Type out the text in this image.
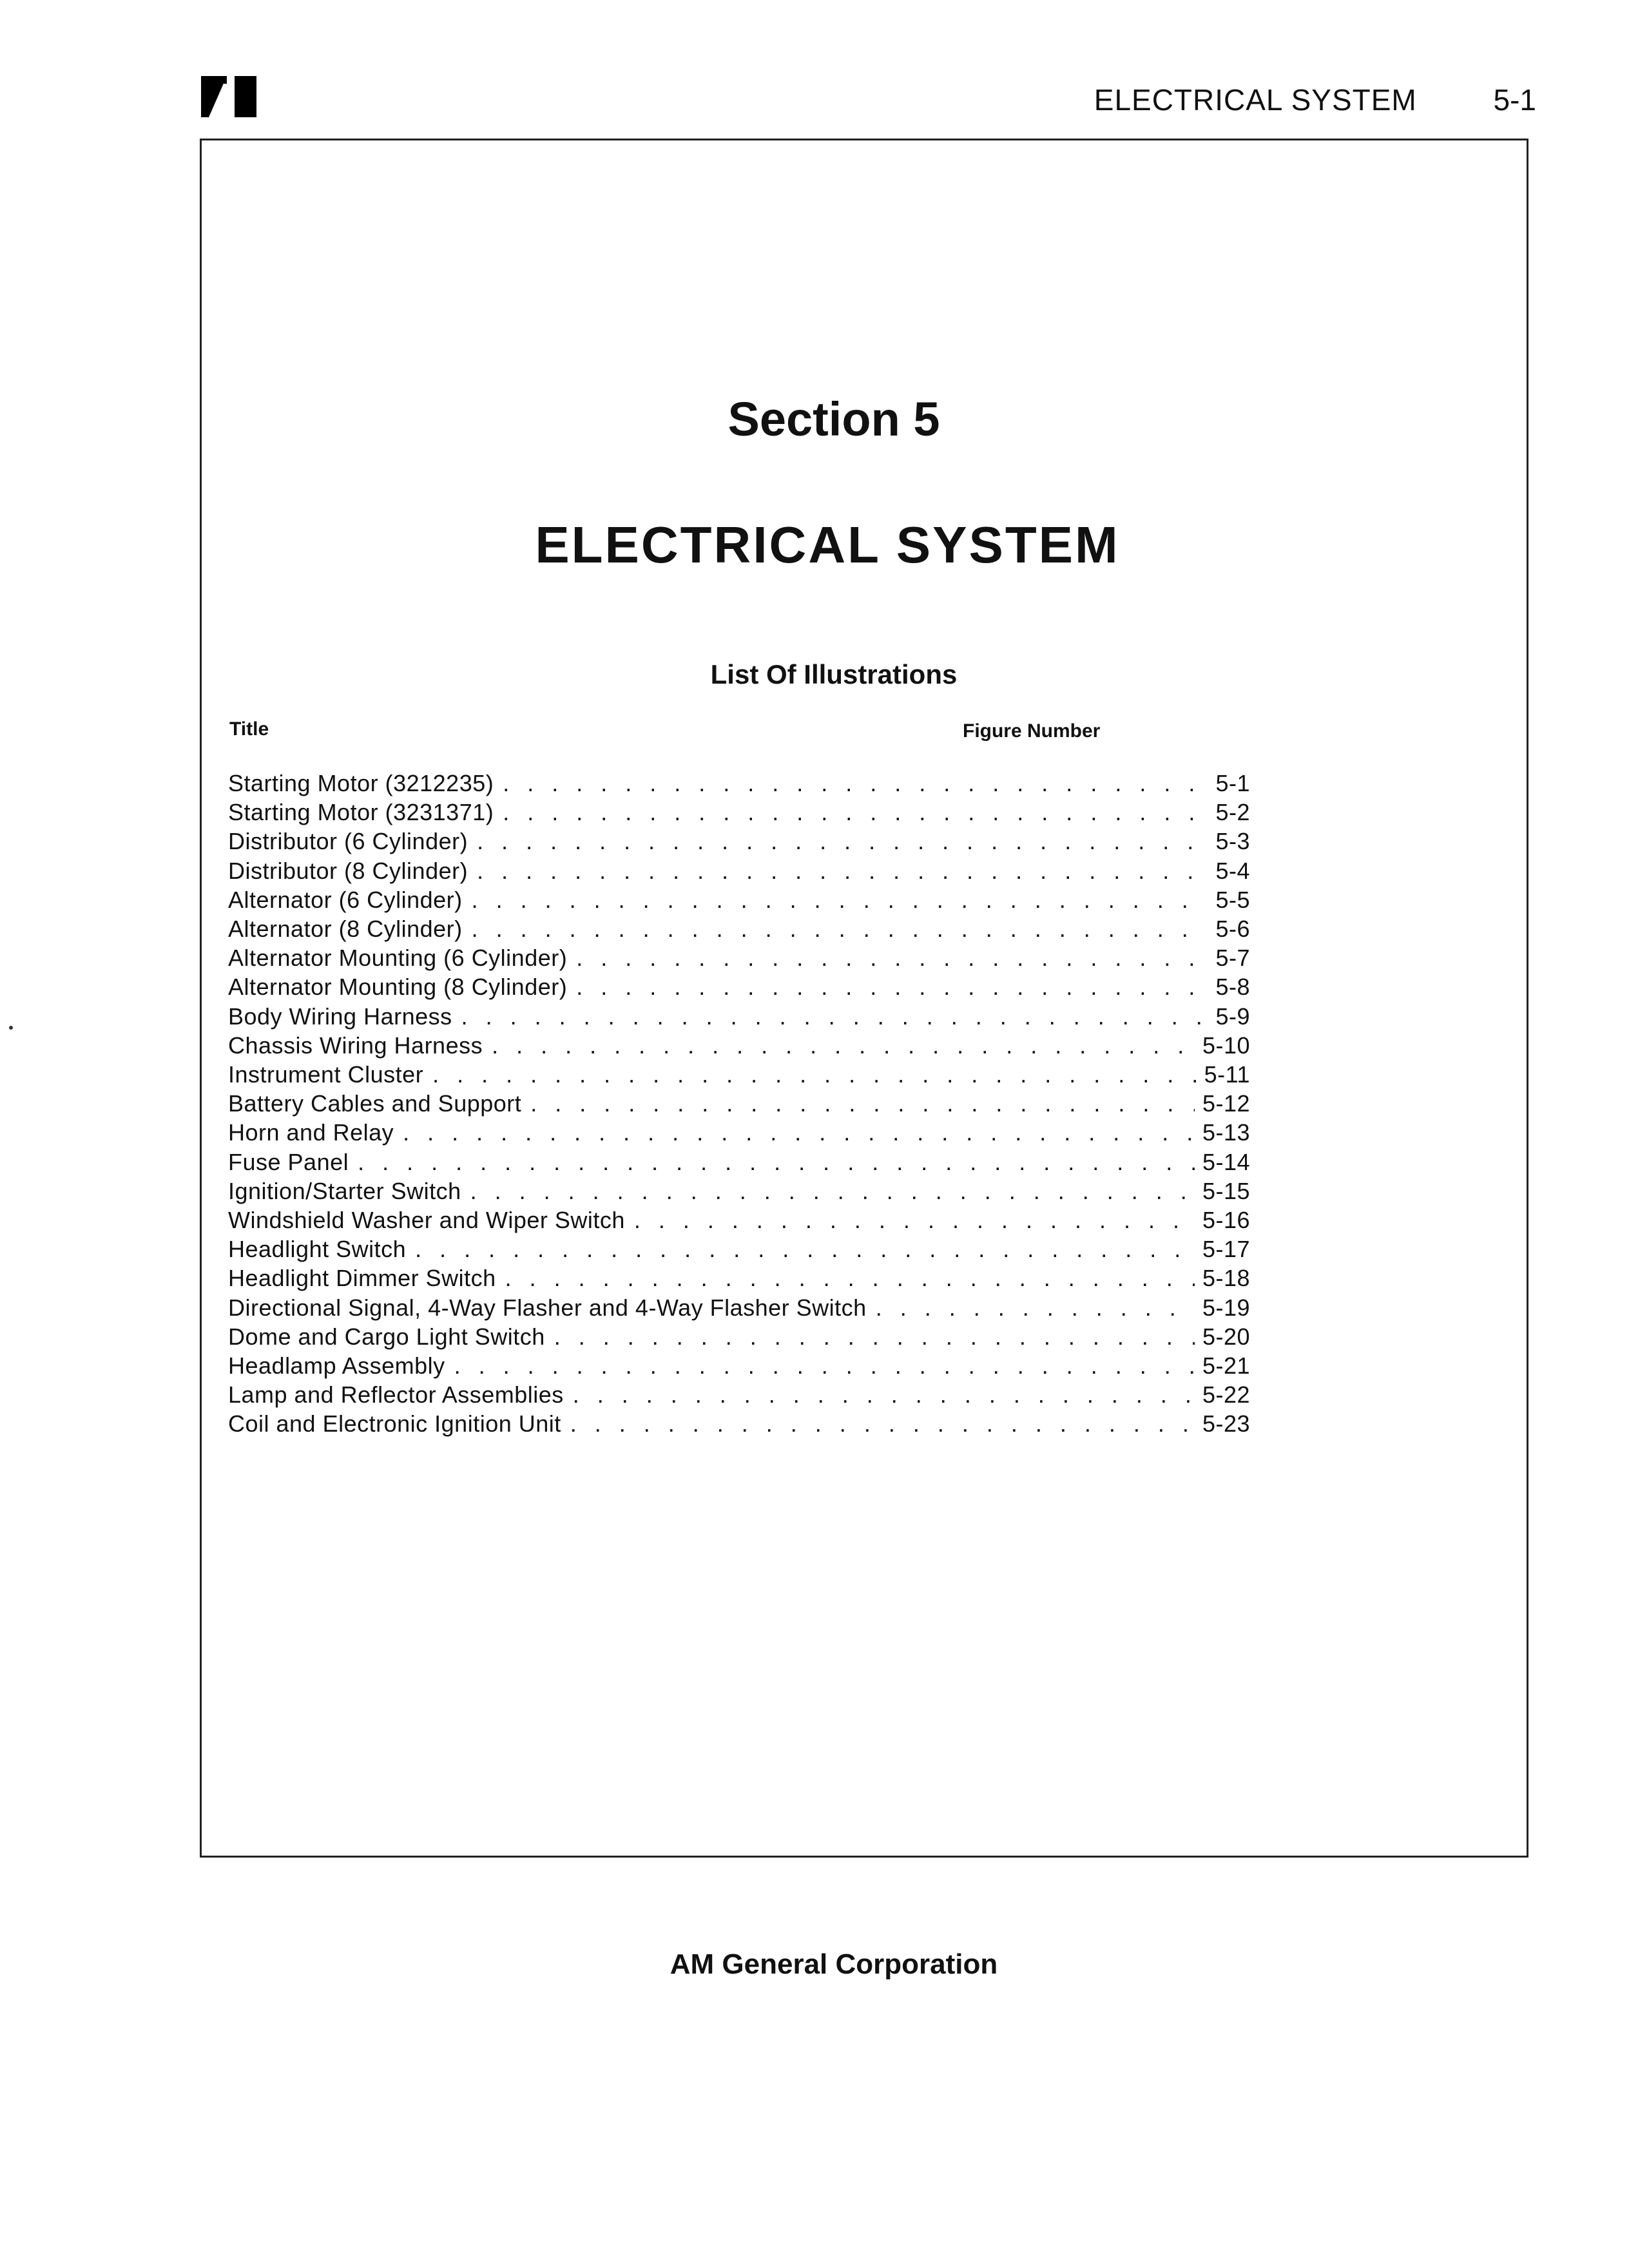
ELECTRICAL SYSTEM	5-1
Section 5
ELECTRICAL SYSTEM
List Of Illustrations
Title	Figure Number
Starting Motor (3212235) . . .	5-1
Starting Motor (3231371) . . .	5-2
Distributor (6 Cylinder) . . .	5-3
Distributor (8 Cylinder) . . .	5-4
Alternator (6 Cylinder) . . .	5-5
Alternator (8 Cylinder) . . .	5-6
Alternator Mounting (6 Cylinder) . . .	5-7
Alternator Mounting (8 Cylinder) . . .	5-8
Body Wiring Harness . . .	5-9
Chassis Wiring Harness . . .	5-10
Instrument Cluster . . .	5-11
Battery Cables and Support . . .	5-12
Horn and Relay . . .	5-13
Fuse Panel . . .	5-14
Ignition/Starter Switch . . .	5-15
Windshield Washer and Wiper Switch . . .	5-16
Headlight Switch . . .	5-17
Headlight Dimmer Switch . . .	5-18
Directional Signal, 4-Way Flasher and 4-Way Flasher Switch . . .	5-19
Dome and Cargo Light Switch . . .	5-20
Headlamp Assembly . . .	5-21
Lamp and Reflector Assemblies . . .	5-22
Coil and Electronic Ignition Unit . . .	5-23
AM General Corporation
